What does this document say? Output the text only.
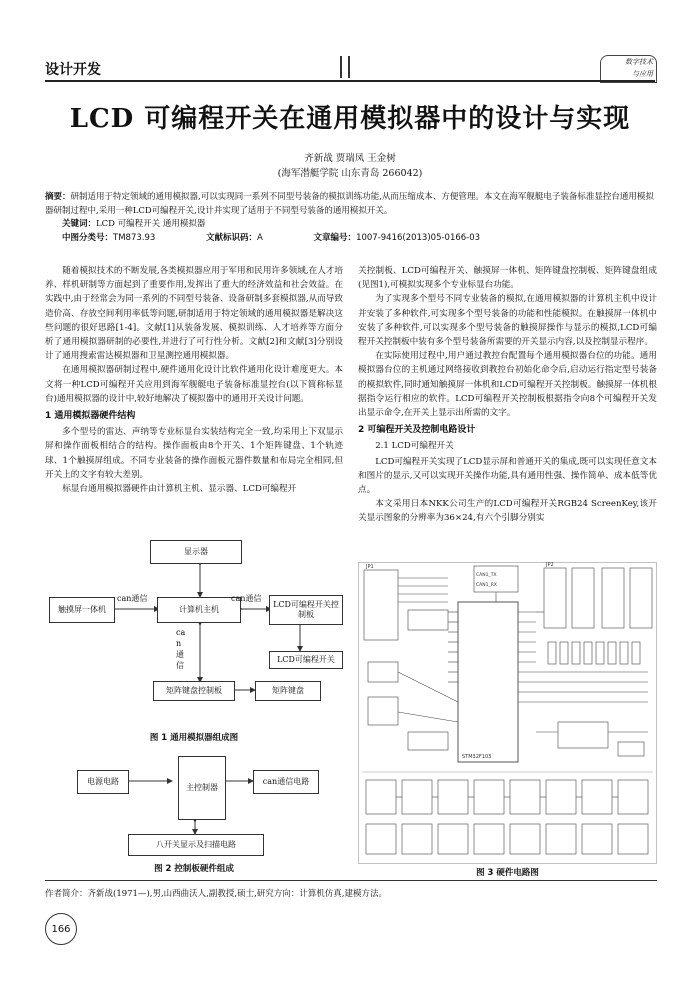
设计开发	数字技术
与应用
LCD 可编程开关在通用模拟器中的设计与实现
齐新战 贾瑞凤 王金树
(海军潜艇学院 山东青岛 266042)
摘要：研制适用于特定领域的通用模拟器,可以实现同一系列不同型号装备的模拟训练功能,从而压缩成本、方便管理。本文在海军舰艇电子装备标准显控台通用模拟器研制过程中,采用一种LCD可编程开关,设计并实现了适用于不同型号装备的通用模拟开关。
关键词：LCD 可编程开关 通用模拟器
中图分类号：TM873.93	文献标识码：A	文章编号：1007-9416(2013)05-0166-03

随着模拟技术的不断发展,各类模拟器应用于军用和民用许多领域,在人才培养、样机研制等方面起到了重要作用,发挥出了重大的经济效益和社会效益。在实践中,由于经常会为同一系列的不同型号装备、设备研制多套模拟器,从而导致造价高、存放空间利用率低等问题,研制适用于特定领域的通用模拟器是解决这些问题的很好思路[1-4]。文献[1]从装备发展、模拟训练、人才培养等方面分析了通用模拟器研制的必要性,并进行了可行性分析。文献[2]和文献[3]分别设计了通用搜索雷达模拟器和卫星测控通用模拟器。

在通用模拟器研制过程中,硬件通用化设计比软件通用化设计难度更大。本文将一种LCD可编程开关应用到海军舰艇电子装备标准显控台(以下简称标显台)通用模拟器的设计中,较好地解决了模拟器中的通用开关设计问题。

1 通用模拟器硬件结构

多个型号的雷达、声纳等专业标显台实装结构完全一致,均采用上下双显示屏和操作面板相结合的结构。操作面板由8个开关、1个矩阵键盘、1个轨迹球、1个触摸屏组成。不同专业装备的操作面板元器件数量和布局完全相同,但开关上的文字有较大差别。

标显台通用模拟器硬件由计算机主机、显示器、LCD可编程开

显示器
触摸屏一体机	计算机主机
LCD可编程开关控制板
LCD可编程开关
矩阵键盘控制板	矩阵键盘
can通信	can通信
can通信
图 1 通用模拟器组成图
电源电路
主控制器
can通信电路
八开关显示及扫描电路
图 2 控制板硬件组成

关控制板、LCD可编程开关、触摸屏一体机、矩阵键盘控制板、矩阵键盘组成(见图1),可模拟实现多个专业标显台功能。

为了实现多个型号不同专业装备的模拟,在通用模拟器的计算机主机中设计并安装了多种软件,可实现多个型号装备的功能和性能模拟。在触摸屏一体机中安装了多种软件,可以实现多个型号装备的触摸屏操作与显示的模拟,LCD可编程开关控制板中装有多个型号装备所需要的开关显示内容,以及控制显示程序。

在实际使用过程中,用户通过教控台配置每个通用模拟器台位的功能。通用模拟器台位的主机通过网络接收到教控台初始化命令后,启动运行指定型号装备的模拟软件,同时通知触摸屏一体机和LCD可编程开关控制板。触摸屏一体机根据指令运行相应的软件。LCD可编程开关控制板根据指令向8个可编程开关发出显示命令,在开关上显示出所需的文字。

2 可编程开关及控制电路设计
2.1 LCD可编程开关

LCD可编程开关实现了LCD显示屏和普通开关的集成,既可以实现任意文本和图片的显示,又可以实现开关操作功能,具有通用性强、操作简单、成本低等优点。

本文采用日本NKK公司生产的LCD可编程开关RGB24 ScreenKey,该开关显示图象的分辨率为36×24,有六个引脚分别实

STM32F103
JP1	JP2
CAN1_TX
CAN1_RX
图 3 硬件电路图
作者简介：齐新战(1971—),男,山西曲沃人,副教授,硕士,研究方向：计算机仿真,建模方法。
166
